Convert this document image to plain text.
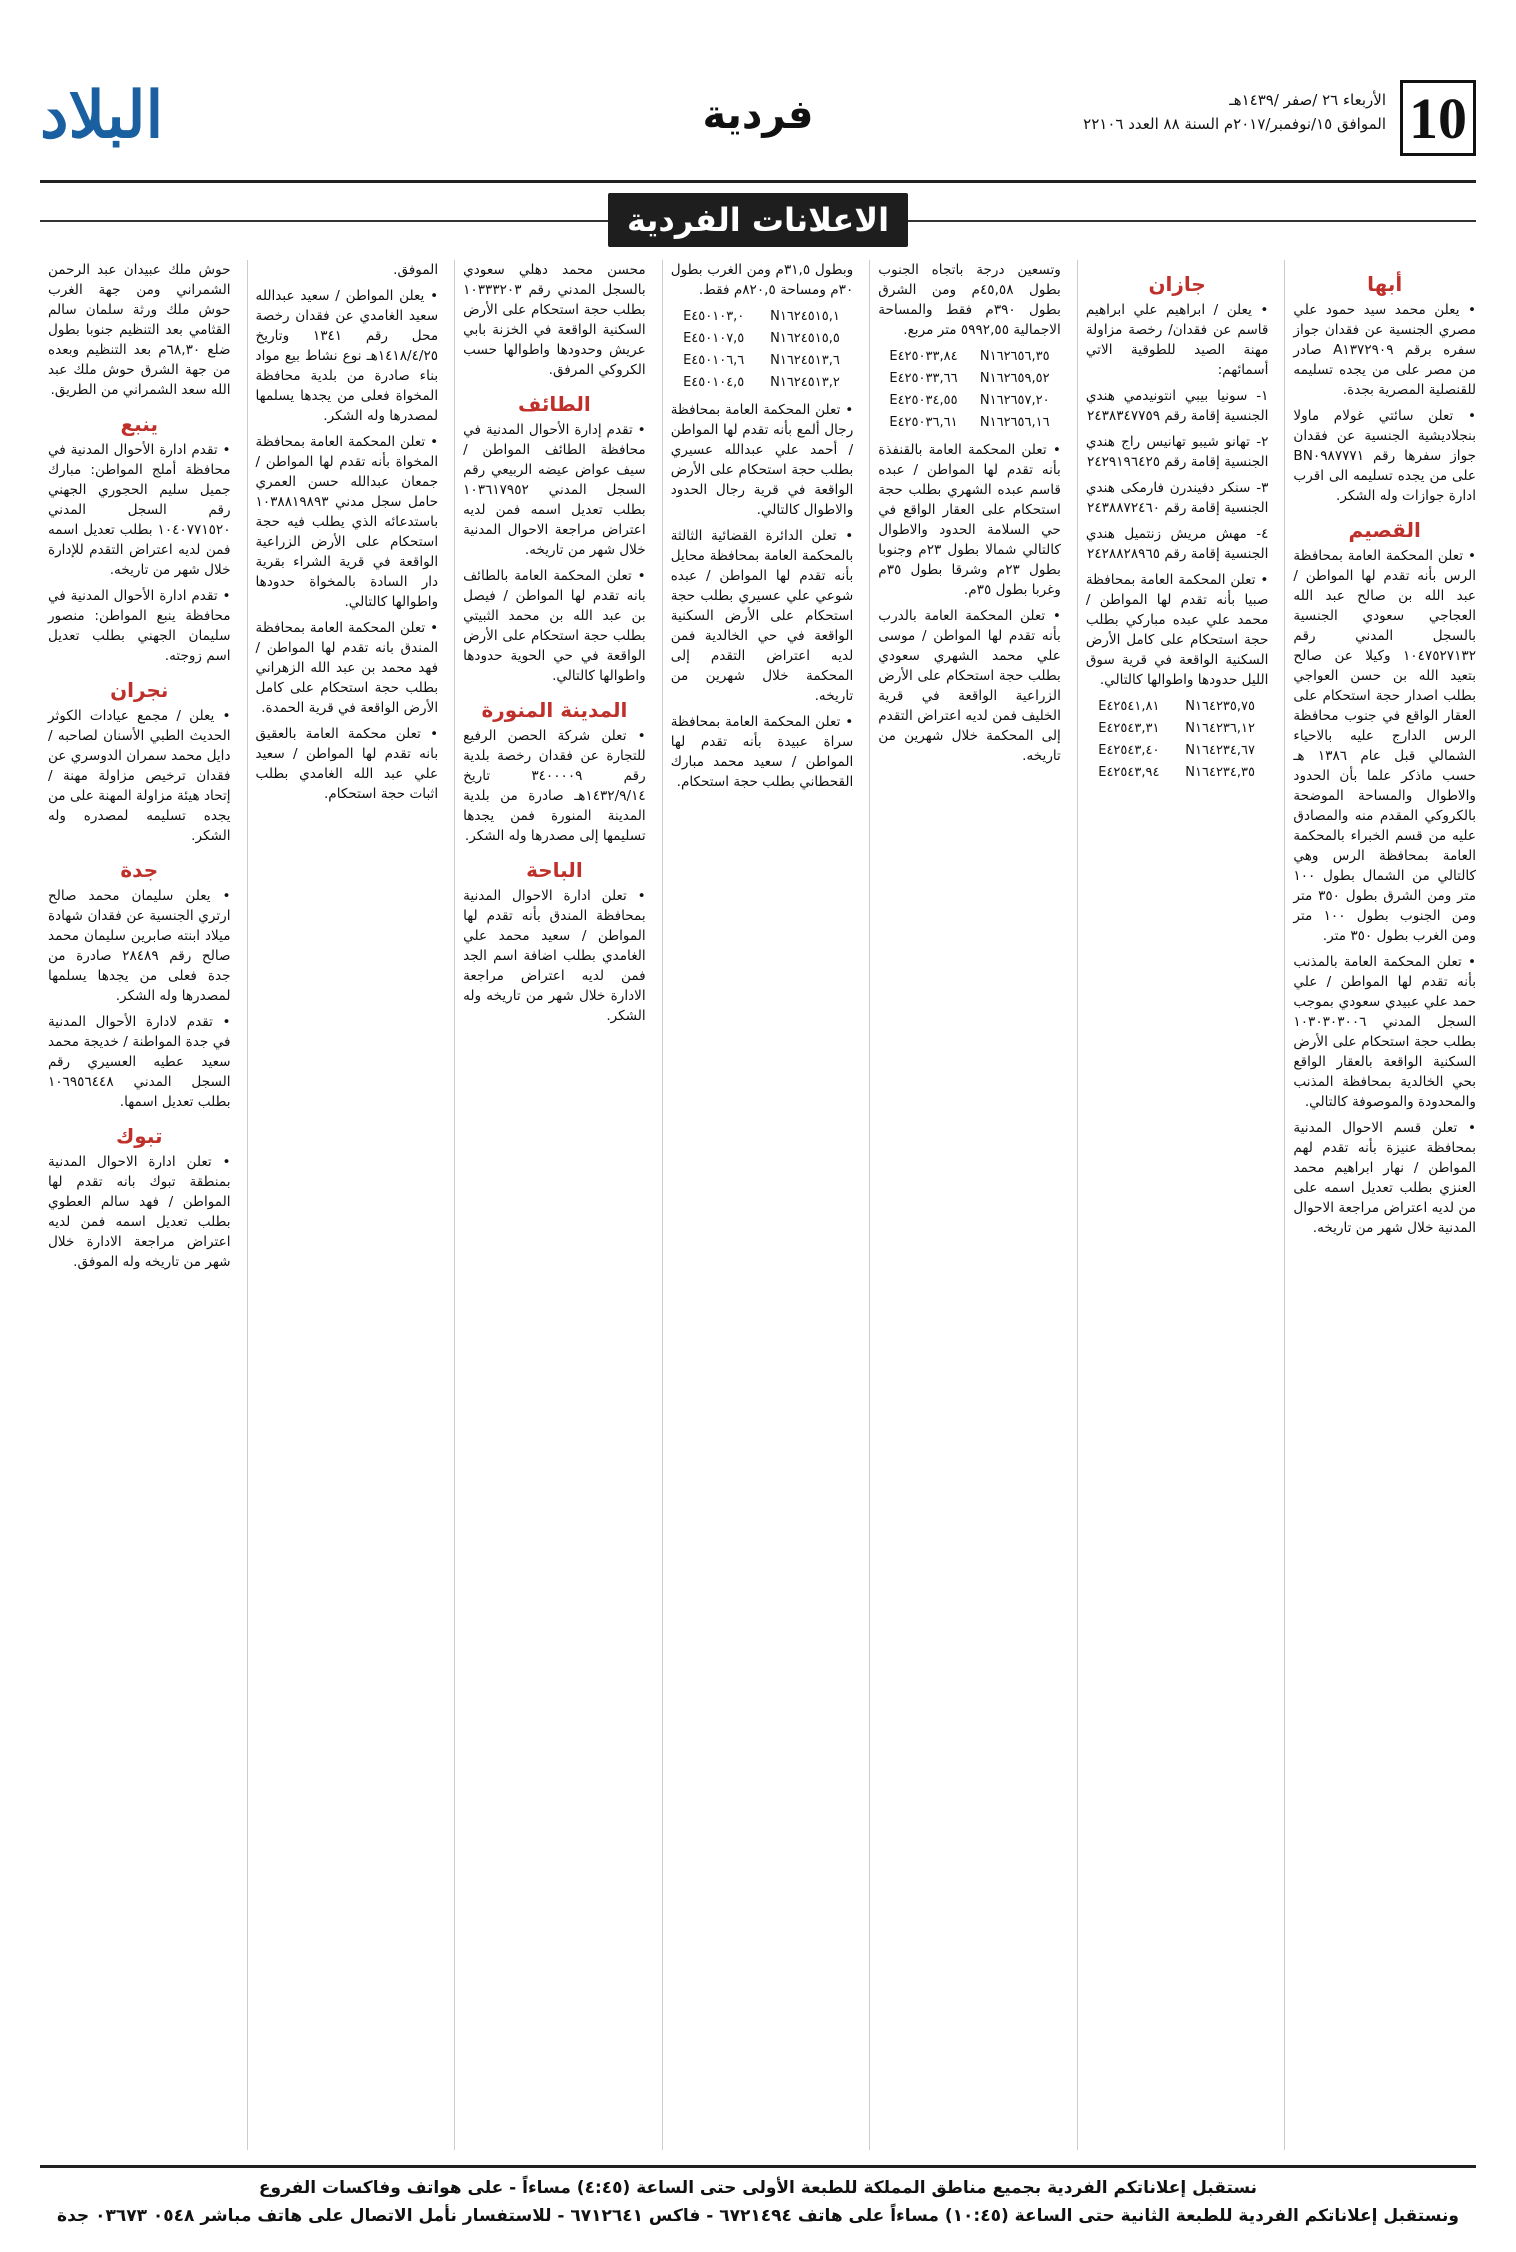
10
الأربعاء ٢٦ /صفر /١٤٣٩هـ
الموافق ١٥/نوفمبر/٢٠١٧م السنة ٨٨ العدد ٢٢١٠٦
فردية
البلاد
الاعلانات الفردية
أبها

• يعلن محمد سيد حمود علي مصري الجنسية عن فقدان جواز سفره برقم A١٣٧٢٩٠٩ صادر من مصر على من يجده تسليمه للقنصلية المصرية بجدة.

• تعلن سائتي غولام ماولا بنجلاديشية الجنسية عن فقدان جواز سفرها رقم BN٠٩٨٧٧٧١ على من يجده تسليمه الى اقرب ادارة جوازات وله الشكر.

القصيم

• تعلن المحكمة العامة بمحافظة الرس بأنه تقدم لها المواطن / عبد الله بن صالح عبد الله العجاجي سعودي الجنسية بالسجل المدني رقم ١٠٤٧٥٢٧١٣٢ وكيلا عن صالح بتعيد الله بن حسن العواجي بطلب اصدار حجة استحكام على العقار الواقع في جنوب محافظة الرس الدارج عليه بالاحياء الشمالي قبل عام ١٣٨٦ هـ حسب ماذكر علما بأن الحدود والاطوال والمساحة الموضحة بالكروكي المقدم منه والمصادق عليه من قسم الخبراء بالمحكمة العامة بمحافظة الرس وهي كالتالي من الشمال بطول ١٠٠ متر ومن الشرق بطول ٣٥٠ متر ومن الجنوب بطول ١٠٠ متر ومن الغرب بطول ٣٥٠ متر.

• تعلن المحكمة العامة بالمذنب بأنه تقدم لها المواطن / علي حمد علي عبيدي سعودي بموجب السجل المدني ١٠٣٠٣٠٣٠٠٦ بطلب حجة استحكام على الأرض السكنية الواقعة بالعقار الواقع بحي الخالدية بمحافظة المذنب والمحدودة والموصوفة كالتالي.

• تعلن قسم الاحوال المدنية بمحافظة عنيزة بأنه تقدم لهم المواطن / نهار ابراهيم محمد العنزي بطلب تعديل اسمه على من لديه اعتراض مراجعة الاحوال المدنية خلال شهر من تاريخه.

جازان

• يعلن / ابراهيم علي ابراهيم قاسم عن فقدان/ رخصة مزاولة مهنة الصيد للطوقية الاتي أسمائهم:

١- سونيا بيبي انتونيدمي هندي الجنسية إقامة رقم ٢٤٣٨٣٤٧٧٥٩

٢- تهانو شيبو تهانيس راج هندي الجنسية إقامة رقم ٢٤٢٩١٩٦٤٢٥

٣- سنكر دفيندرن فارمكى هندي الجنسية إقامة رقم ٢٤٣٨٨٧٢٤٦٠

٤- مهش مريش زنتميل هندي الجنسية إقامة رقم ٢٤٢٨٨٢٨٩٦٥

• تعلن المحكمة العامة بمحافظة صبيا بأنه تقدم لها المواطن / محمد علي عبده مباركي بطلب حجة استحكام على كامل الأرض السكنية الواقعة في قرية سوق الليل حدودها واطوالها كالتالي.

E٤٢٥٤١,٨١	N١٦٤٢٣٥,٧٥
E٤٢٥٤٣,٣١	N١٦٤٢٣٦,١٢
E٤٢٥٤٣,٤٠	N١٦٤٢٣٤,٦٧
E٤٢٥٤٣,٩٤	N١٦٤٢٣٤,٣٥

وتسعين درجة باتجاه الجنوب بطول ٤٥,٥٨م ومن الشرق بطول ٣٩٠م فقط والمساحة الاجمالية ٥٩٩٢,٥٥ متر مربع.

E٤٢٥٠٣٣,٨٤	N١٦٢٦٥٦,٣٥
E٤٢٥٠٣٣,٦٦	N١٦٢٦٥٩,٥٢
E٤٢٥٠٣٤,٥٥	N١٦٢٦٥٧,٢٠
E٤٢٥٠٣٦,٦١	N١٦٢٦٥٦,١٦

• تعلن المحكمة العامة بالقنفذة بأنه تقدم لها المواطن / عبده قاسم عبده الشهري بطلب حجة استحكام على العقار الواقع في حي السلامة الحدود والاطوال كالتالي شمالا بطول ٢٣م وجنوبا بطول ٢٣م وشرقا بطول ٣٥م وغربا بطول ٣٥م.

• تعلن المحكمة العامة بالدرب بأنه تقدم لها المواطن / موسى علي محمد الشهري سعودي بطلب حجة استحكام على الأرض الزراعية الواقعة في قرية الخليف فمن لديه اعتراض التقدم إلى المحكمة خلال شهرين من تاريخه.

وبطول ٣١,٥م ومن الغرب بطول ٣٠م ومساحة ٨٢٠,٥م فقط.

E٤٥٠١٠٣,٠	N١٦٢٤٥١٥,١
E٤٥٠١٠٧,٥	N١٦٢٤٥١٥,٥
E٤٥٠١٠٦,٦	N١٦٢٤٥١٣,٦
E٤٥٠١٠٤,٥	N١٦٢٤٥١٣,٢

• تعلن المحكمة العامة بمحافظة رجال ألمع بأنه تقدم لها المواطن / أحمد علي عبدالله عسيري بطلب حجة استحكام على الأرض الواقعة في قرية رجال الحدود والاطوال كالتالي.

• تعلن الدائرة القضائية الثالثة بالمحكمة العامة بمحافظة محايل بأنه تقدم لها المواطن / عبده شوعي علي عسيري بطلب حجة استحكام على الأرض السكنية الواقعة في حي الخالدية فمن لديه اعتراض التقدم إلى المحكمة خلال شهرين من تاريخه.

• تعلن المحكمة العامة بمحافظة سراة عبيدة بأنه تقدم لها المواطن / سعيد محمد مبارك القحطاني بطلب حجة استحكام.

محسن محمد دهلي سعودي بالسجل المدني رقم ١٠٣٣٣٢٠٣ بطلب حجة استحكام على الأرض السكنية الواقعة في الخزنة بابي عريش وحدودها واطوالها حسب الكروكي المرفق.

الطائف

• تقدم إدارة الأحوال المدنية في محافظة الطائف المواطن / سيف عواض عيضه الربيعي رقم السجل المدني ١٠٣٦١٧٩٥٢ بطلب تعديل اسمه فمن لديه اعتراض مراجعة الاحوال المدنية خلال شهر من تاريخه.

• تعلن المحكمة العامة بالطائف بانه تقدم لها المواطن / فيصل بن عبد الله بن محمد الثبيتي بطلب حجة استحكام على الأرض الواقعة في حي الحوية حدودها واطوالها كالتالي.

المدينة المنورة

• تعلن شركة الحصن الرفيع للتجارة عن فقدان رخصة بلدية رقم ٣٤٠٠٠٠٩ تاريخ ١٤٣٢/٩/١٤هـ صادرة من بلدية المدينة المنورة فمن يجدها تسليمها إلى مصدرها وله الشكر.

الباحة

• تعلن ادارة الاحوال المدنية بمحافظة المندق بأنه تقدم لها المواطن / سعيد محمد علي الغامدي بطلب اضافة اسم الجد فمن لديه اعتراض مراجعة الادارة خلال شهر من تاريخه وله الشكر.

الموفق.

• يعلن المواطن / سعيد عبدالله سعيد الغامدي عن فقدان رخصة محل رقم ١٣٤١ وتاريخ ١٤١٨/٤/٢٥هـ نوع نشاط بيع مواد بناء صادرة من بلدية محافظة المخواة فعلى من يجدها يسلمها لمصدرها وله الشكر.

• تعلن المحكمة العامة بمحافظة المخواة بأنه تقدم لها المواطن / جمعان عبدالله حسن العمري حامل سجل مدني ١٠٣٨٨١٩٨٩٣ باستدعائه الذي يطلب فيه حجة استحكام على الأرض الزراعية الواقعة في قرية الشراء بقرية دار السادة بالمخواة حدودها واطوالها كالتالي.

• تعلن المحكمة العامة بمحافظة المندق بانه تقدم لها المواطن / فهد محمد بن عبد الله الزهراني بطلب حجة استحكام على كامل الأرض الواقعة في قرية الحمدة.

• تعلن محكمة العامة بالعقيق بانه تقدم لها المواطن / سعيد علي عبد الله الغامدي بطلب اثبات حجة استحكام.

حوش ملك عبيدان عبد الرحمن الشمراني ومن جهة الغرب حوش ملك ورثة سلمان سالم القثامي بعد التنظيم جنوبا بطول ضلع ٦٨,٣٠م بعد التنظيم وبعده من جهة الشرق حوش ملك عبد الله سعد الشمراني من الطريق.

ينبع

• تقدم ادارة الأحوال المدنية في محافظة أملج المواطن: مبارك جميل سليم الحجوري الجهني رقم السجل المدني ١٠٤٠٧٧١٥٢٠ بطلب تعديل اسمه فمن لديه اعتراض التقدم للإدارة خلال شهر من تاريخه.

• تقدم ادارة الأحوال المدنية في محافظة ينبع المواطن: منصور سليمان الجهني بطلب تعديل اسم زوجته.

نجران

• يعلن / مجمع عيادات الكوثر الحديث الطبي الأسنان لصاحبه / دايل محمد سمران الدوسري عن فقدان ترخيص مزاولة مهنة / إتحاد هيئة مزاولة المهنة على من يجده تسليمه لمصدره وله الشكر.

جدة

• يعلن سليمان محمد صالح ارتري الجنسية عن فقدان شهادة ميلاد ابنته صابرين سليمان محمد صالح رقم ٢٨٤٨٩ صادرة من جدة فعلى من يجدها يسلمها لمصدرها وله الشكر.

• تقدم لادارة الأحوال المدنية في جدة المواطنة / خديجة محمد سعيد عطيه العسيري رقم السجل المدني ١٠٦٩٥٦٤٤٨ بطلب تعديل اسمها.

تبوك

• تعلن ادارة الاحوال المدنية بمنطقة تبوك بانه تقدم لها المواطن / فهد سالم العطوي بطلب تعديل اسمه فمن لديه اعتراض مراجعة الادارة خلال شهر من تاريخه وله الموفق.

نستقبل إعلاناتكم الفردية بجميع مناطق المملكة للطبعة الأولى حتى الساعة (٤:٤٥) مساءاً - على هواتف وفاكسات الفروع
ونستقبل إعلاناتكم الفردية للطبعة الثانية حتى الساعة (١٠:٤٥) مساءاً على هاتف ٦٧٢١٤٩٤ - فاكس ٦٧١٢٦٤١ - للاستفسار نأمل الاتصال على هاتف مباشر ٠٥٤٨ ٠٣٦٧٣ جدة
